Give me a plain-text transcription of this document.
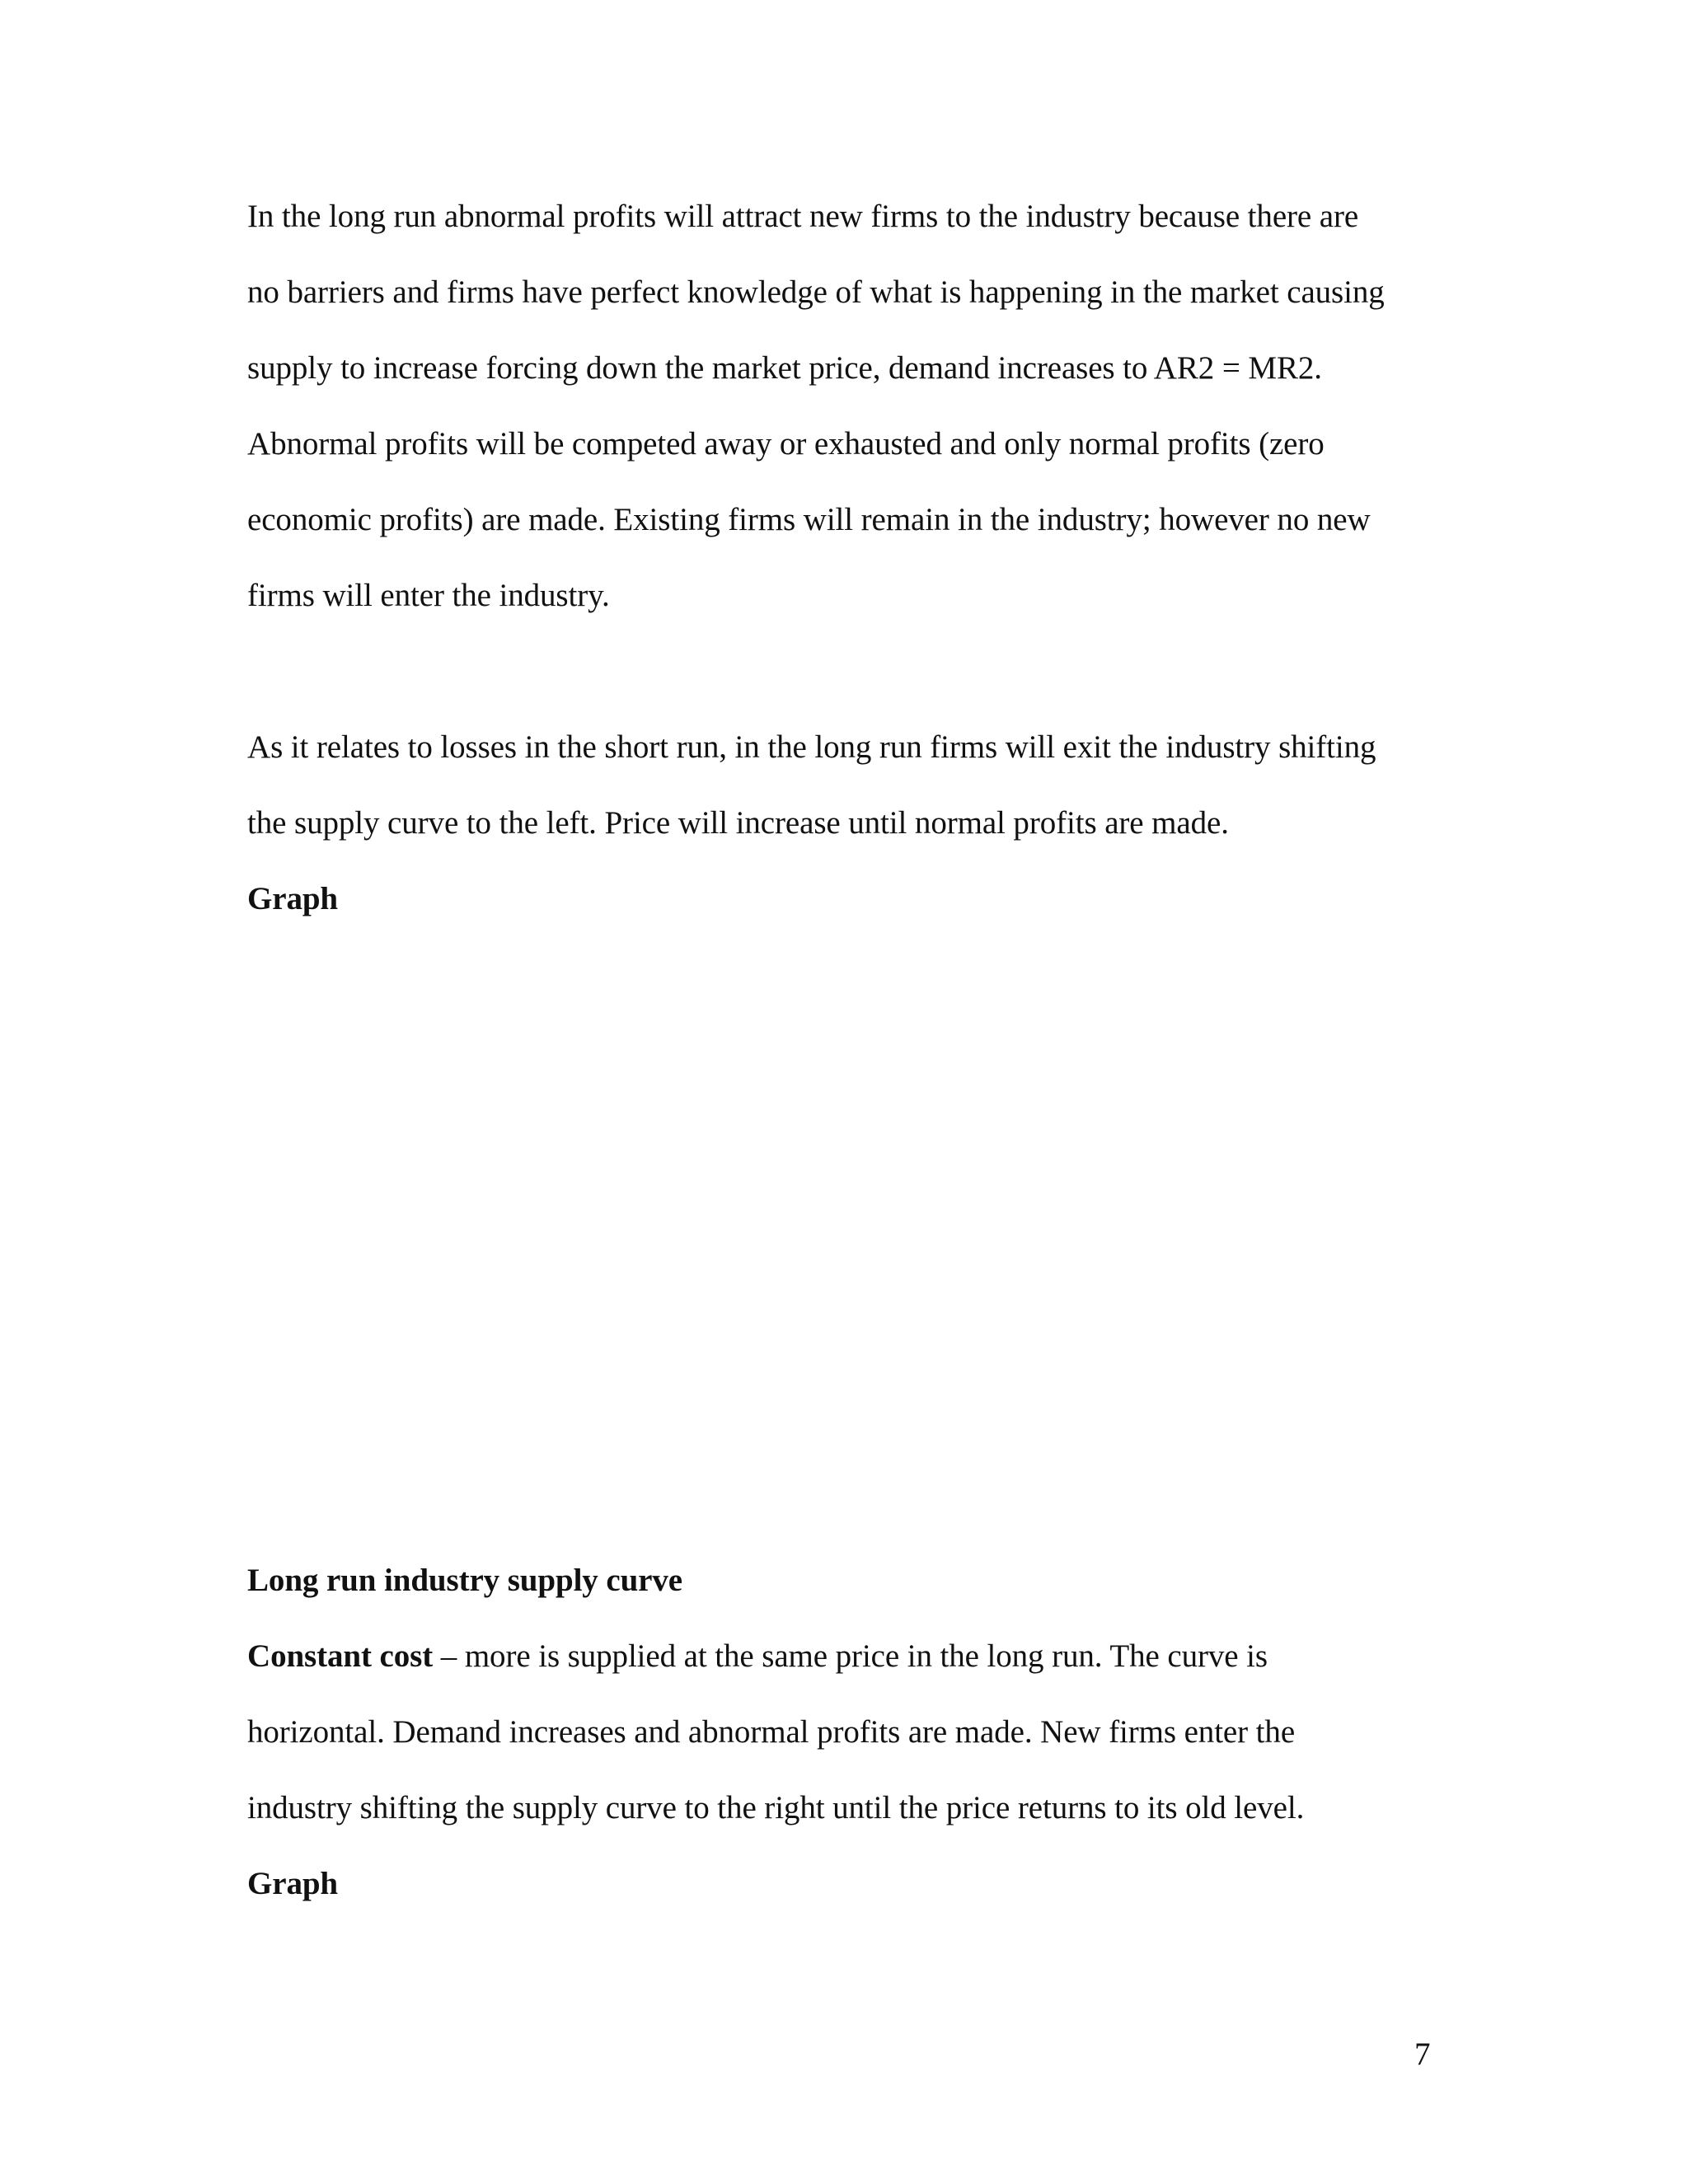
In the long run abnormal profits will attract new firms to the industry because there are
no barriers and firms have perfect knowledge of what is happening in the market causing
supply to increase forcing down the market price, demand increases to AR2 = MR2.
Abnormal profits will be competed away or exhausted and only normal profits (zero
economic profits) are made. Existing firms will remain in the industry; however no new
firms will enter the industry.
As it relates to losses in the short run, in the long run firms will exit the industry shifting
the supply curve to the left. Price will increase until normal profits are made.
Graph
Long run industry supply curve
Constant cost – more is supplied at the same price in the long run. The curve is
horizontal. Demand increases and abnormal profits are made. New firms enter the
industry shifting the supply curve to the right until the price returns to its old level.
Graph
7
